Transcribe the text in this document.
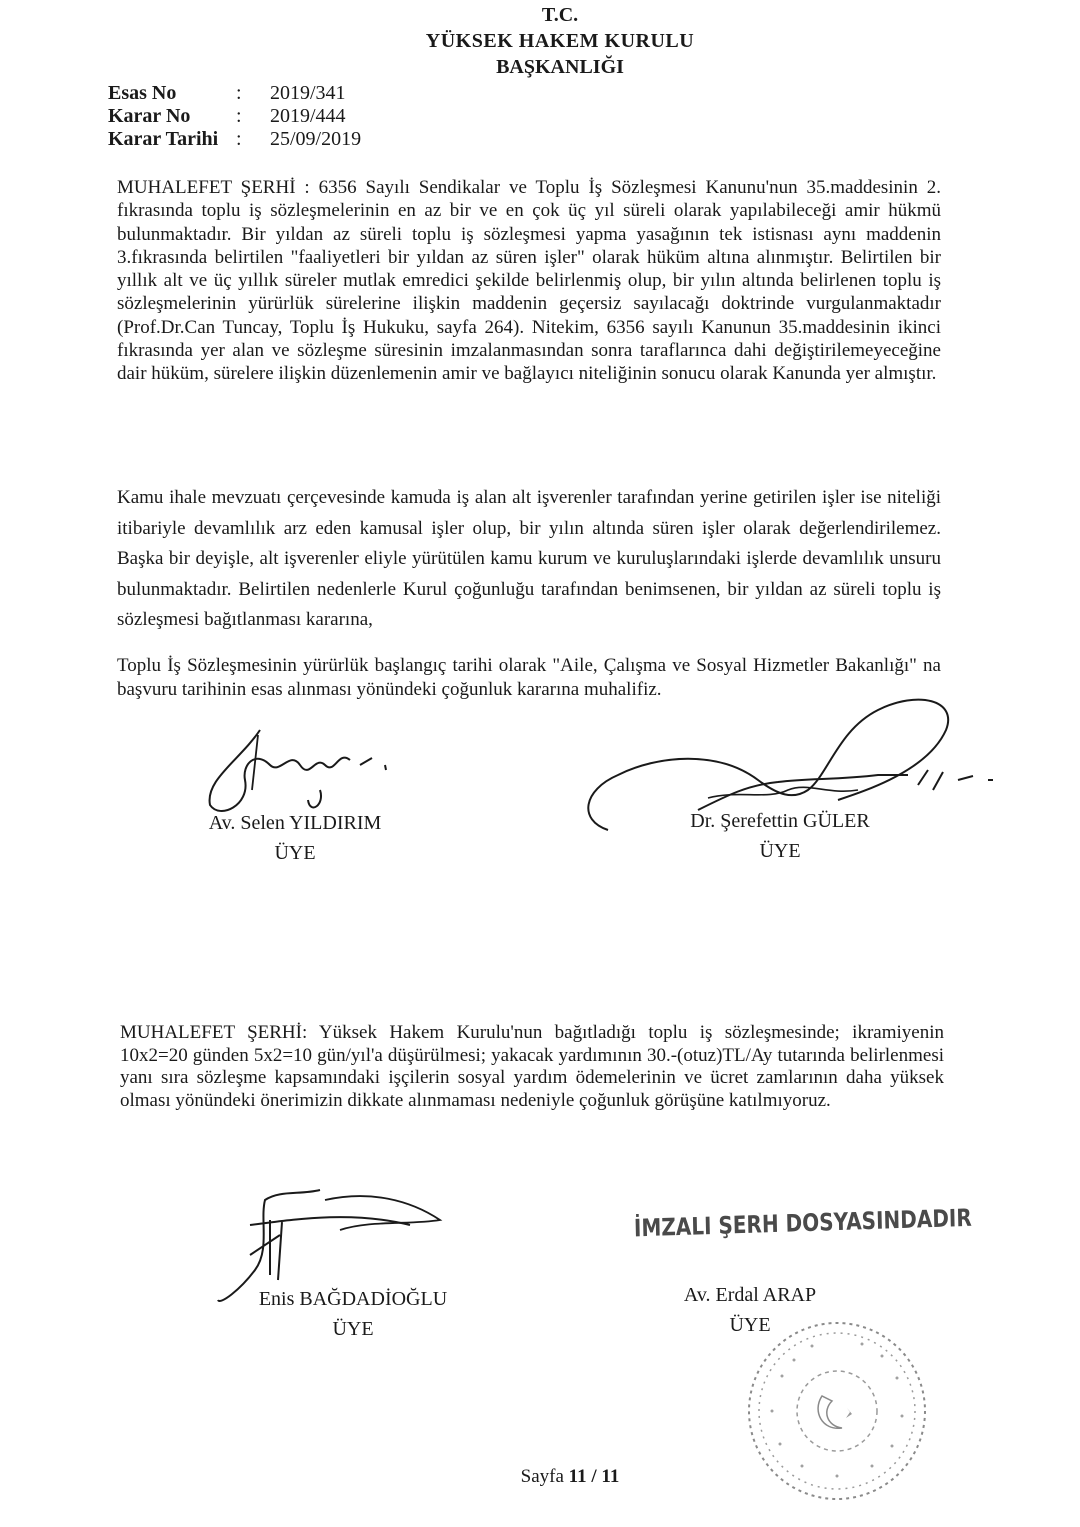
T.C.
YÜKSEK HAKEM KURULU
BAŞKANLIĞI
Esas No	:	2019/341
Karar No	:	2019/444
Karar Tarihi :	25/09/2019

MUHALEFET ŞERHİ : 6356 Sayılı Sendikalar ve Toplu İş Sözleşmesi Kanunu'nun 35.maddesinin 2. fıkrasında toplu iş sözleşmelerinin en az bir ve en çok üç yıl süreli olarak yapılabileceği amir hükmü bulunmaktadır. Bir yıldan az süreli toplu iş sözleşmesi yapma yasağının tek istisnası aynı maddenin 3.fıkrasında belirtilen "faaliyetleri bir yıldan az süren işler" olarak hüküm altına alınmıştır. Belirtilen bir yıllık alt ve üç yıllık süreler mutlak emredici şekilde belirlenmiş olup, bir yılın altında belirlenen toplu iş sözleşmelerinin yürürlük sürelerine ilişkin maddenin geçersiz sayılacağı doktrinde vurgulanmaktadır (Prof.Dr.Can Tuncay, Toplu İş Hukuku, sayfa 264). Nitekim, 6356 sayılı Kanunun 35.maddesinin ikinci fıkrasında yer alan ve sözleşme süresinin imzalanmasından sonra taraflarınca dahi değiştirilemeyeceğine dair hüküm, sürelere ilişkin düzenlemenin amir ve bağlayıcı niteliğinin sonucu olarak Kanunda yer almıştır.

Kamu ihale mevzuatı çerçevesinde kamuda iş alan alt işverenler tarafından yerine getirilen işler ise niteliği itibariyle devamlılık arz eden kamusal işler olup, bir yılın altında süren işler olarak değerlendirilemez. Başka bir deyişle, alt işverenler eliyle yürütülen kamu kurum ve kuruluşlarındaki işlerde devamlılık unsuru bulunmaktadır. Belirtilen nedenlerle Kurul çoğunluğu tarafından benimsenen, bir yıldan az süreli toplu iş sözleşmesi bağıtlanması kararına,

Toplu İş Sözleşmesinin yürürlük başlangıç tarihi olarak "Aile, Çalışma ve Sosyal Hizmetler Bakanlığı" na başvuru tarihinin esas alınması yönündeki çoğunluk kararına muhalifiz.

Av. Selen YILDIRIM
ÜYE
Dr. Şerefettin GÜLER
ÜYE

MUHALEFET ŞERHİ: Yüksek Hakem Kurulu'nun bağıtladığı toplu iş sözleşmesinde; ikramiyenin 10x2=20 günden 5x2=10 gün/yıl'a düşürülmesi; yakacak yardımının 30.-(otuz)TL/Ay tutarında belirlenmesi yanı sıra sözleşme kapsamındaki işçilerin sosyal yardım ödemelerinin ve ücret zamlarının daha yüksek olması yönündeki önerimizin dikkate alınmaması nedeniyle çoğunluk görüşüne katılmıyoruz.

Enis BAĞDADİOĞLU
ÜYE
İMZALI ŞERH DOSYASINDADIR
Av. Erdal ARAP
ÜYE
Sayfa 11 / 11
